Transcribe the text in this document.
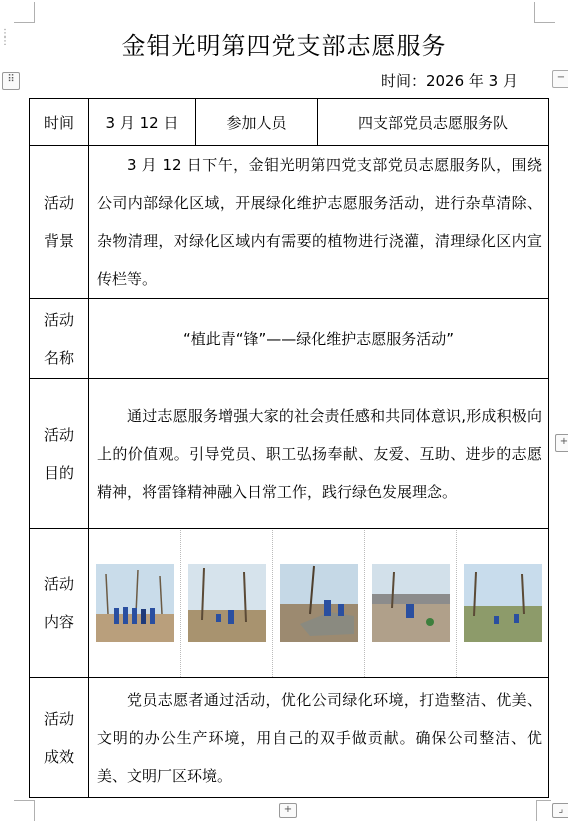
⋮
⋮
⠿	−
+
+	⌟
金钼光明第四党支部志愿服务
时间：2026 年 3 月
时间	3 月 12 日	参加人员	四支部党员志愿服务队

活动
背景	3 月 12 日下午，金钼光明第四党支部党员志愿服务队，围绕公司内部绿化区域，开展绿化维护志愿服务活动，进行杂草清除、杂物清理，对绿化区域内有需要的植物进行浇灌，清理绿化区内宣传栏等。		

活动
名称	“植此青“锋”——绿化维护志愿服务活动”		

活动
目的	通过志愿服务增强大家的社会责任感和共同体意识,形成积极向上的价值观。引导党员、职工弘扬奉献、友爱、互助、进步的志愿精神，将雷锋精神融入日常工作，践行绿色发展理念。		

活动
内容

活动
成效	党员志愿者通过活动，优化公司绿化环境，打造整洁、优美、文明的办公生产环境，用自己的双手做贡献。确保公司整洁、优美、文明厂区环境。		
